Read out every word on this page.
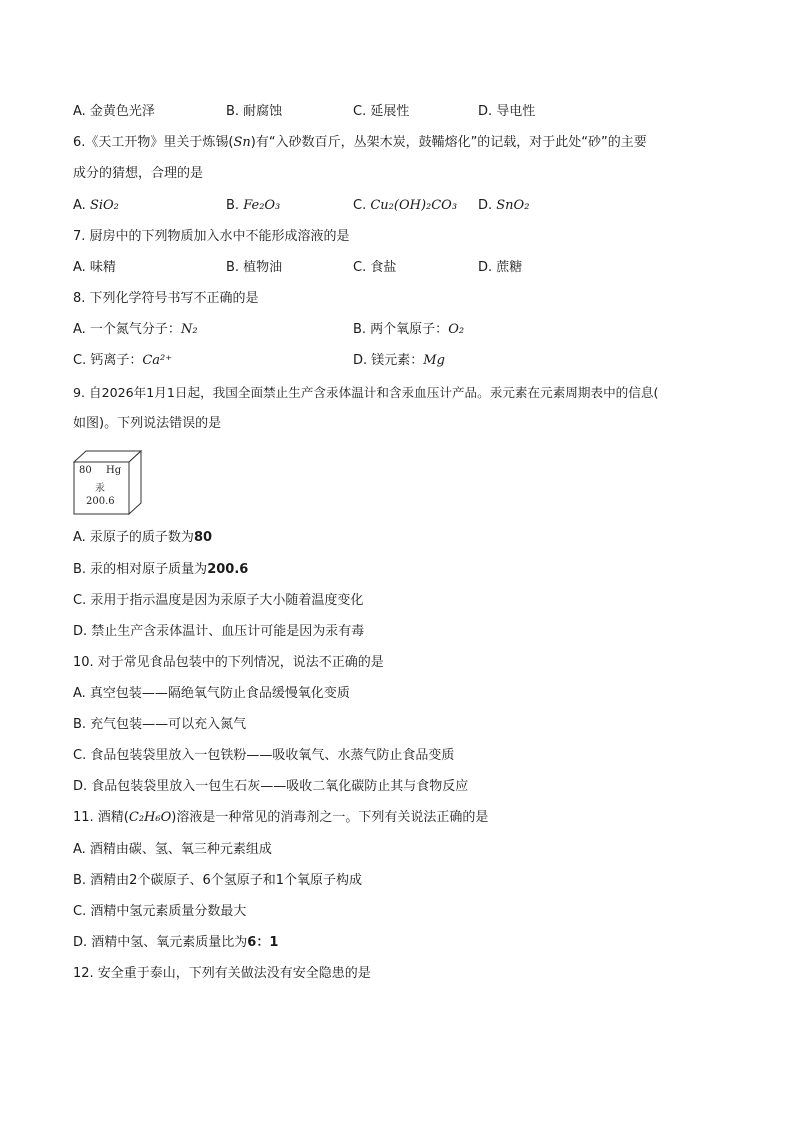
A. 金黄色光泽	B. 耐腐蚀	C. 延展性	D. 导电性
6.《天工开物》里关于炼锡(Sn)有“入砂数百斤，丛架木炭，鼓鞴熔化”的记载，对于此处“砂”的主要
成分的猜想，合理的是
A. SiO₂	B. Fe₂O₃	C. Cu₂(OH)₂CO₃ D. SnO₂
7. 厨房中的下列物质加入水中不能形成溶液的是
A. 味精	B. 植物油	C. 食盐	D. 蔗糖
8. 下列化学符号书写不正确的是
A. 一个氮气分子：N₂	B. 两个氧原子：O₂
C. 钙离子：Ca²⁺	D. 镁元素：Mg
9. 自2026年1月1日起，我国全面禁止生产含汞体温计和含汞血压计产品。汞元素在元素周期表中的信息(
如图)。下列说法错误的是
80 Hg
汞
200.6
A. 汞原子的质子数为80
B. 汞的相对原子质量为200.6
C. 汞用于指示温度是因为汞原子大小随着温度变化
D. 禁止生产含汞体温计、血压计可能是因为汞有毒
10. 对于常见食品包装中的下列情况，说法不正确的是
A. 真空包装——隔绝氧气防止食品缓慢氧化变质
B. 充气包装——可以充入氮气
C. 食品包装袋里放入一包铁粉——吸收氧气、水蒸气防止食品变质
D. 食品包装袋里放入一包生石灰——吸收二氧化碳防止其与食物反应
11. 酒精(C₂H₆O)溶液是一种常见的消毒剂之一。下列有关说法正确的是
A. 酒精由碳、氢、氧三种元素组成
B. 酒精由2个碳原子、6个氢原子和1个氧原子构成
C. 酒精中氢元素质量分数最大
D. 酒精中氢、氧元素质量比为6：1
12. 安全重于泰山，下列有关做法没有安全隐患的是
